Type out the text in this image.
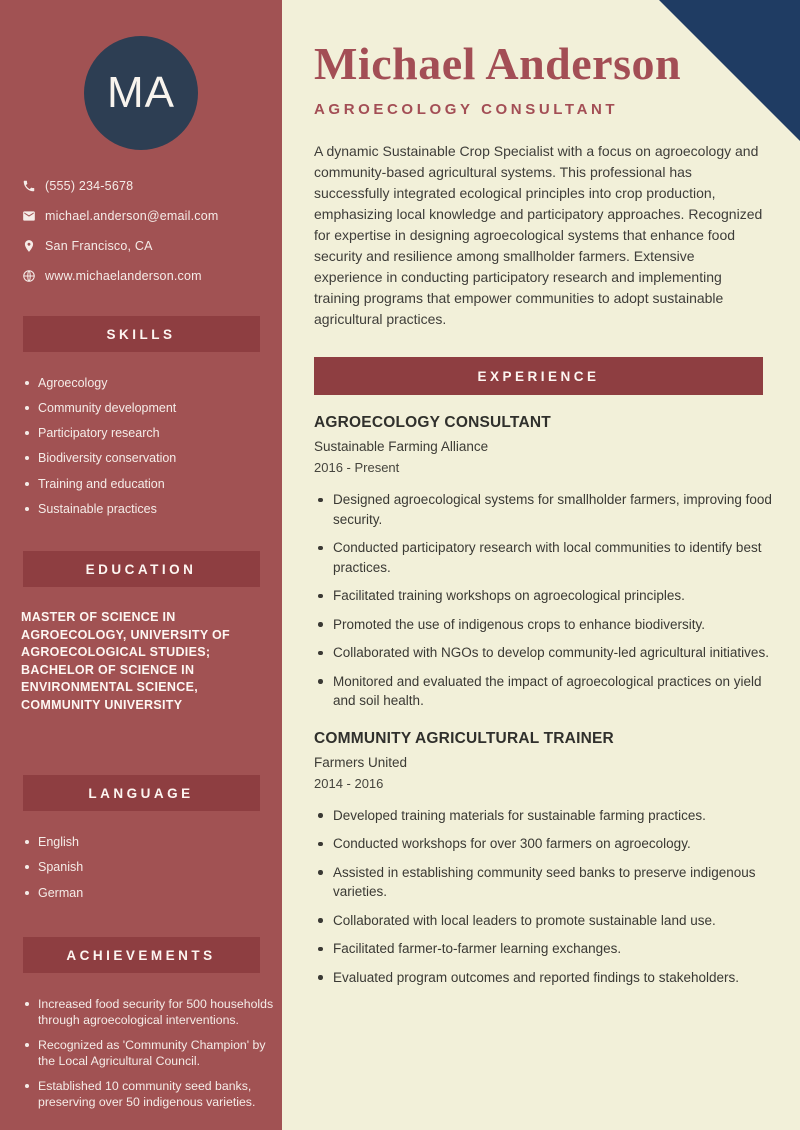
MA
(555) 234-5678
michael.anderson@email.com
San Francisco, CA
www.michaelanderson.com
SKILLS
Agroecology
Community development
Participatory research
Biodiversity conservation
Training and education
Sustainable practices
EDUCATION

MASTER OF SCIENCE IN AGROECOLOGY, UNIVERSITY OF AGROECOLOGICAL STUDIES; BACHELOR OF SCIENCE IN ENVIRONMENTAL SCIENCE, COMMUNITY UNIVERSITY

LANGUAGE
English
Spanish
German
ACHIEVEMENTS
Increased food security for 500 households through agroecological interventions.
Recognized as 'Community Champion' by the Local Agricultural Council.
Established 10 community seed banks, preserving over 50 indigenous varieties.
Michael Anderson
AGROECOLOGY CONSULTANT

A dynamic Sustainable Crop Specialist with a focus on agroecology and community-based agricultural systems. This professional has successfully integrated ecological principles into crop production, emphasizing local knowledge and participatory approaches. Recognized for expertise in designing agroecological systems that enhance food security and resilience among smallholder farmers. Extensive experience in conducting participatory research and implementing training programs that empower communities to adopt sustainable agricultural practices.

EXPERIENCE
AGROECOLOGY CONSULTANT
Sustainable Farming Alliance
2016 - Present
Designed agroecological systems for smallholder farmers, improving food security.
Conducted participatory research with local communities to identify best practices.
Facilitated training workshops on agroecological principles.
Promoted the use of indigenous crops to enhance biodiversity.
Collaborated with NGOs to develop community-led agricultural initiatives.
Monitored and evaluated the impact of agroecological practices on yield and soil health.
COMMUNITY AGRICULTURAL TRAINER
Farmers United
2014 - 2016
Developed training materials for sustainable farming practices.
Conducted workshops for over 300 farmers on agroecology.
Assisted in establishing community seed banks to preserve indigenous varieties.
Collaborated with local leaders to promote sustainable land use.
Facilitated farmer-to-farmer learning exchanges.
Evaluated program outcomes and reported findings to stakeholders.
